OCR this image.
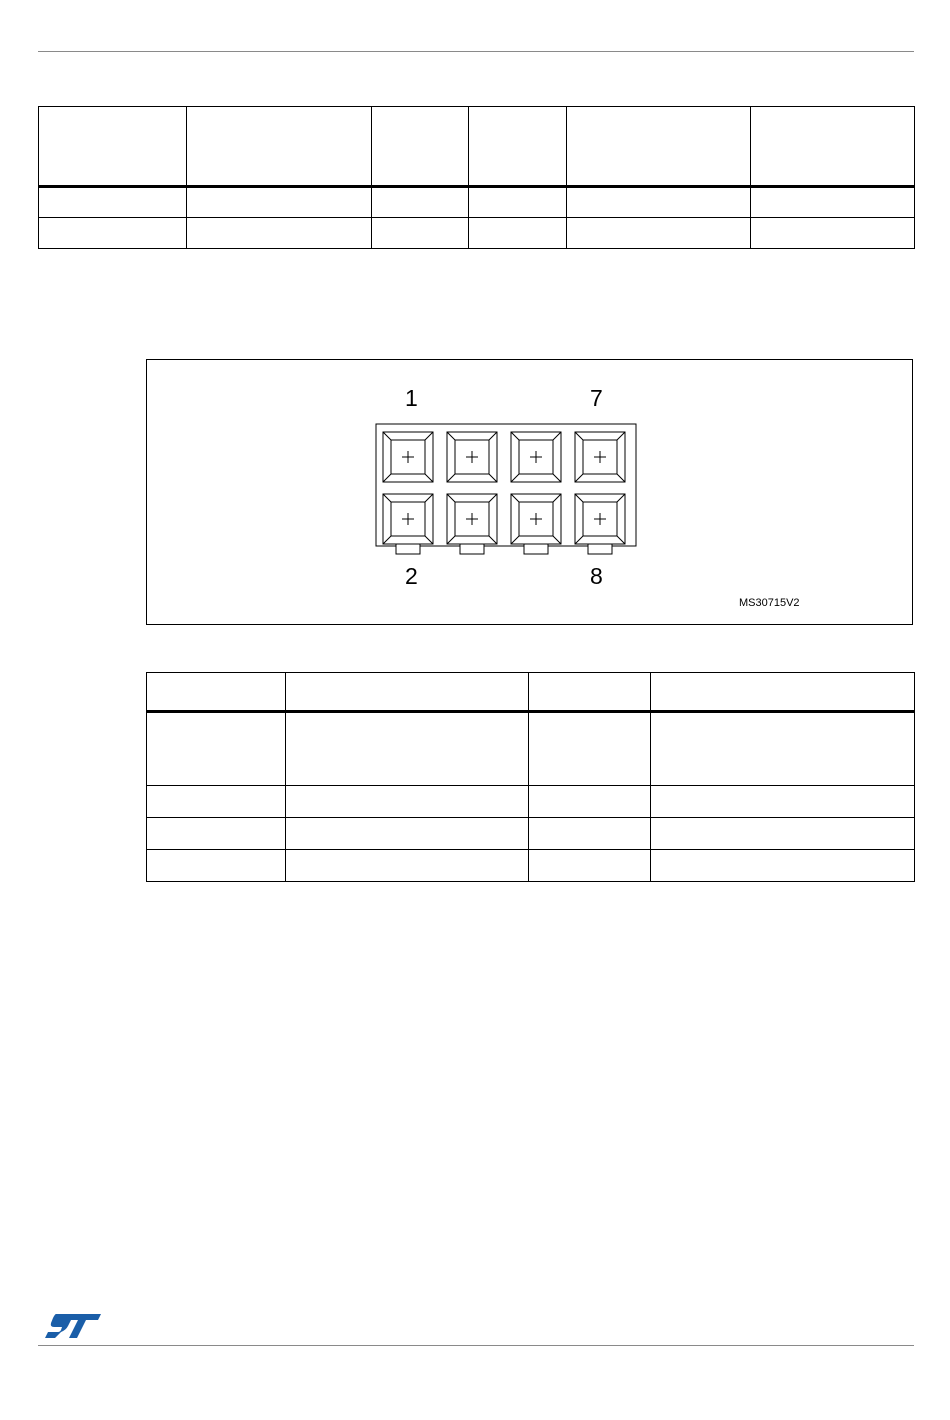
1	7
2	8
MS30715V2
